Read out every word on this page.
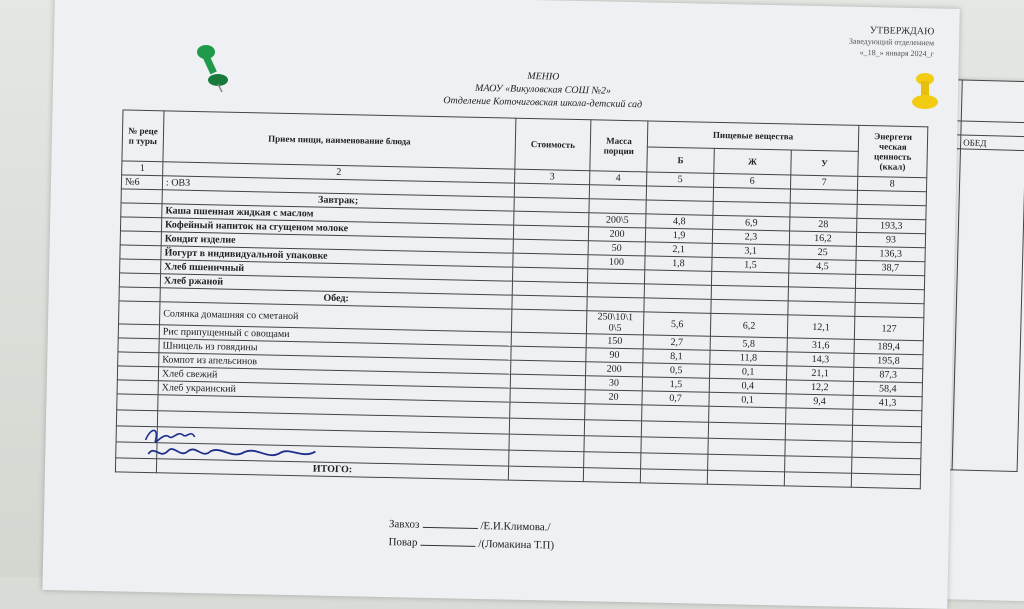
	ОБЕД

УТВЕРЖДАЮ
Заведующий отделением
«_18_» января 2024_г
МЕНЮ
МАОУ «Викуловская СОШ №2»
Отделение Коточиговская школа-детский сад
№ реце п туры	Прием пищи, наименование блюда	Стоимость	Масса порции	Пищевые вещества			Энергети ческая ценность (ккал)
				Б	Ж	У	
1	2	3	4	5	6	7	8
№6	: ОВЗ						
	Завтрак;						
	Каша пшенная жидкая с маслом		200\5	4,8	6,9	28	193,3
	Кофейный напиток на сгущеном молоке		200	1,9	2,3	16,2	93
	Кондит изделие		50	2,1	3,1	25	136,3
	Йогурт в индивидуальной упаковке		100	1,8	1,5	4,5	38,7
	Хлеб пшеничный						
	Хлеб ржаной						
	Обед:						
	Солянка домашняя со сметаной		250\10\1 0\5	5,6	6,2	12,1	127
	Рис припущенный с овощами		150	2,7	5,8	31,6	189,4
	Шницель из говядины		90	8,1	11,8	14,3	195,8
	Компот из апельсинов		200	0,5	0,1	21,1	87,3
	Хлеб свежий		30	1,5	0,4	12,2	58,4
	Хлеб украинский		20	0,7	0,1	9,4	41,3

	ИТОГО:						
Завхоз	/Е.И.Климова./
Повар	/(Ломакина Т.П)
